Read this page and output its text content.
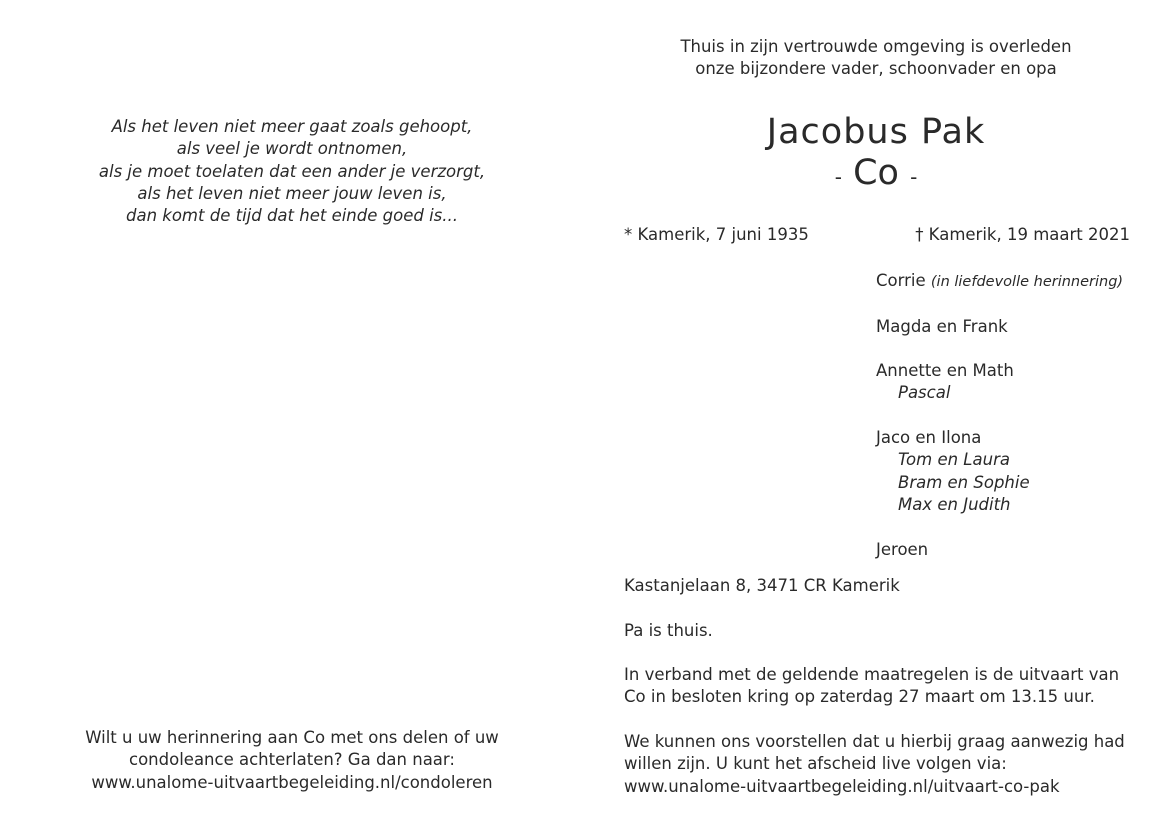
Als het leven niet meer gaat zoals gehoopt,
als veel je wordt ontnomen,
als je moet toelaten dat een ander je verzorgt,
als het leven niet meer jouw leven is,
dan komt de tijd dat het einde goed is...
Wilt u uw herinnering aan Co met ons delen of uw
condoleance achterlaten? Ga dan naar:
www.unalome-uitvaartbegeleiding.nl/condoleren
Thuis in zijn vertrouwde omgeving is overleden
onze bijzondere vader, schoonvader en opa
Jacobus Pak
- Co -
* Kamerik, 7 juni 1935	† Kamerik, 19 maart 2021
Corrie (in liefdevolle herinnering)
Magda en Frank
Annette en Math
Pascal
Jaco en Ilona
Tom en Laura
Bram en Sophie
Max en Judith
Jeroen
Kastanjelaan 8, 3471 CR Kamerik
Pa is thuis.
In verband met de geldende maatregelen is de uitvaart van
Co in besloten kring op zaterdag 27 maart om 13.15 uur.
We kunnen ons voorstellen dat u hierbij graag aanwezig had
willen zijn. U kunt het afscheid live volgen via:
www.unalome-uitvaartbegeleiding.nl/uitvaart-co-pak
